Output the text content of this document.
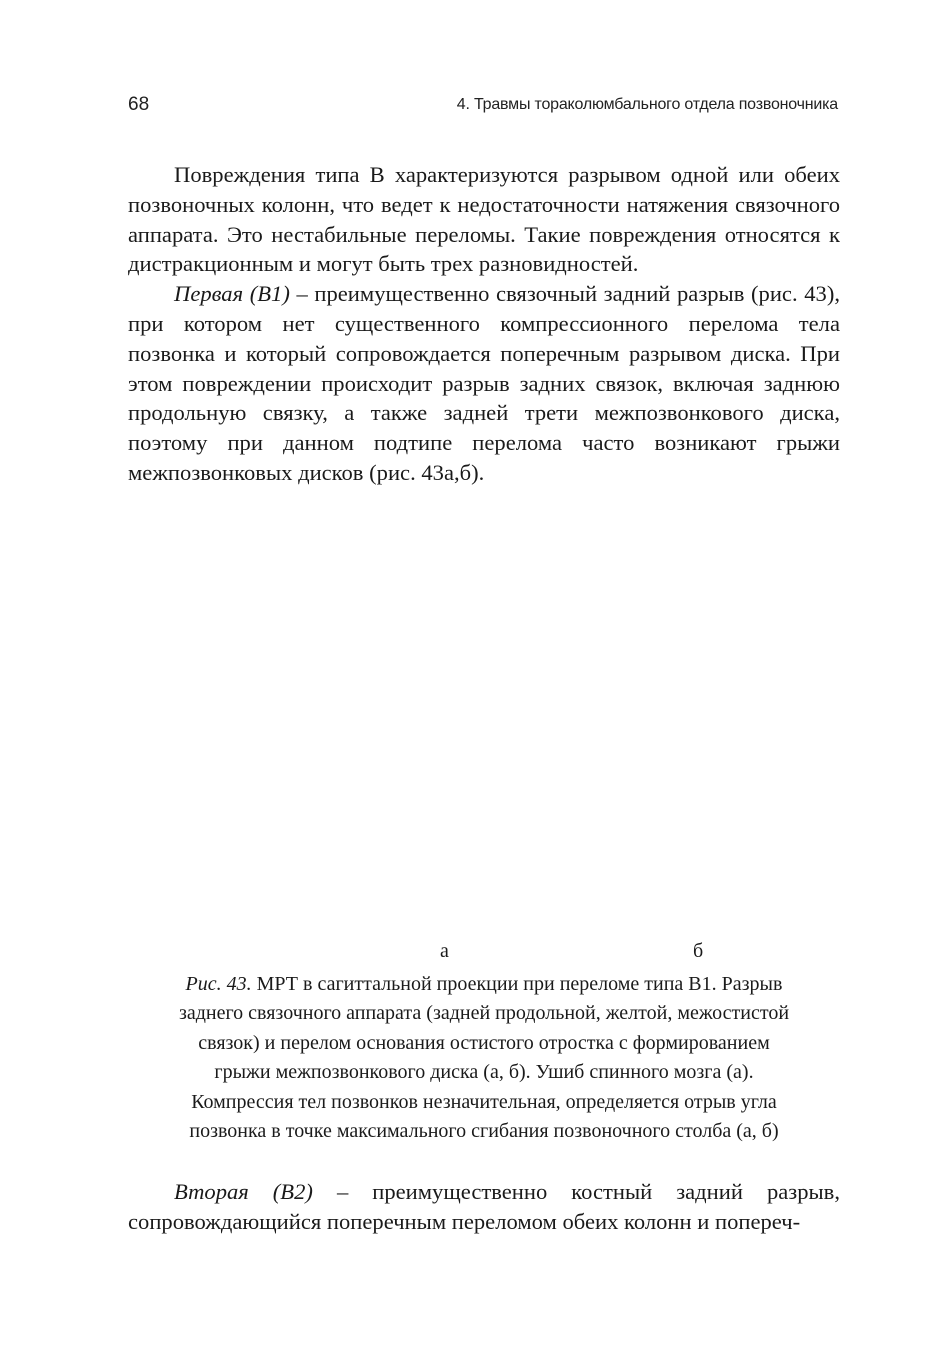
68	4. Травмы тораколюмбального отдела позвоночника

Повреждения типа В характеризуются разрывом одной или обеих позвоночных колонн, что ведет к недостаточности натяжения связочного аппарата. Это нестабильные переломы. Такие повреждения относятся к дистракционным и могут быть трех разновидностей.

Первая (В1) – преимущественно связочный задний разрыв (рис. 43), при котором нет существенного компрессионного перелома тела позвонка и который сопровождается поперечным разрывом диска. При этом повреждении происходит разрыв задних связок, включая заднюю продольную связку, а также задней трети межпозвонкового диска, поэтому при данном подтипе перелома часто возникают грыжи межпозвонковых дисков (рис. 43а,б).

а	б
Рис. 43. МРТ в сагиттальной проекции при переломе типа В1. Разрыв
заднего связочного аппарата (задней продольной, желтой, межостистой
связок) и перелом основания остистого отростка с формированием
грыжи межпозвонкового диска (а, б). Ушиб спинного мозга (а).
Компрессия тел позвонков незначительная, определяется отрыв угла
позвонка в точке максимального сгибания позвоночного столба (а, б)

Вторая (В2) – преимущественно костный задний разрыв, сопровождающийся поперечным переломом обеих колонн и попереч-
